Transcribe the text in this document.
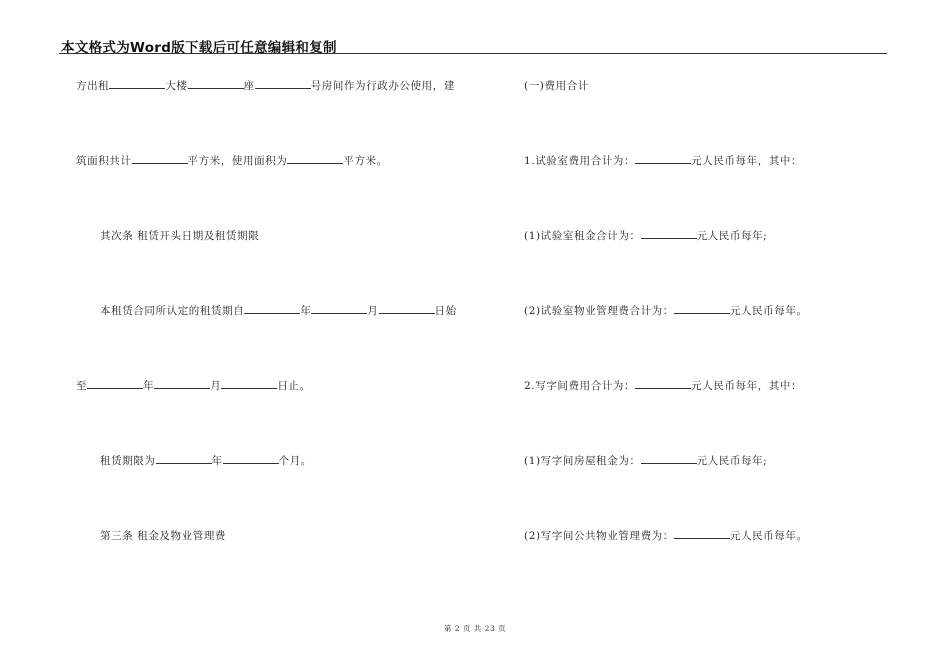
本文格式为Word版下载后可任意编辑和复制
方出租	大楼	座	号房间作为行政办公使用，建
筑面积共计	平方米，使用面积为	平方米。
其次条 租赁开头日期及租赁期限
本租赁合同所认定的租赁期自	年	月	日始
至	年	月	日止。
租赁期限为	年	个月。
第三条 租金及物业管理费
(一)费用合计
1.试验室费用合计为：	元人民币每年，其中：
(1)试验室租金合计为：	元人民币每年;
(2)试验室物业管理费合计为：	元人民币每年。
2.写字间费用合计为：	元人民币每年，其中：
(1)写字间房屋租金为：	元人民币每年;
(2)写字间公共物业管理费为：	元人民币每年。
第 2 页 共 23 页
